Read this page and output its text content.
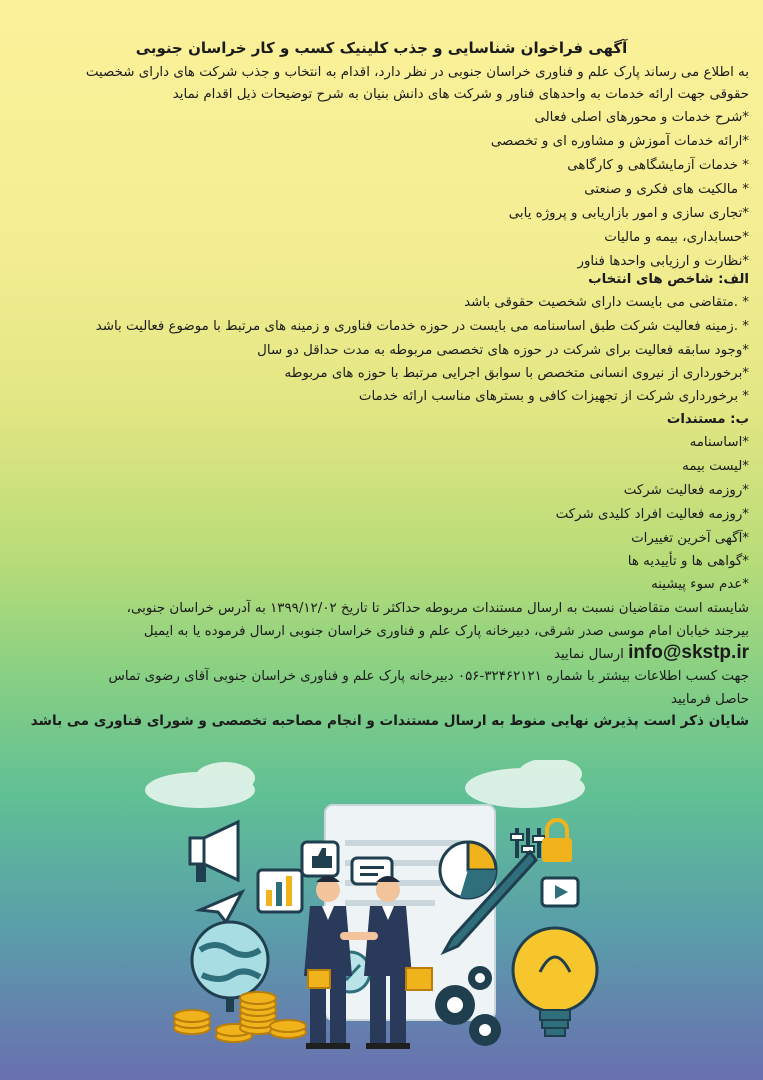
آگهی فراخوان شناسایی و جذب کلینیک کسب و کار خراسان جنوبی
به اطلاع می رساند پارک علم و فناوری خراسان جنوبی در نظر دارد، اقدام به انتخاب و جذب شرکت های دارای شخصیت
حقوقی جهت ارائه خدمات به واحدهای فناور و شرکت های دانش بنیان به شرح توضیحات ذیل اقدام نماید
*شرح خدمات و محورهای اصلی فعالی
*ارائه خدمات آموزش و مشاوره ای و تخصصی
* خدمات آزمایشگاهی و کارگاهی
* مالکیت های فکری و صنعتی
*تجاری سازی و امور بازاریابی و پروژه یابی
*حسابداری، بیمه و مالیات
*نظارت و ارزیابی واحدها فناور
الف: شاخص های انتخاب
* .متقاضی می بایست دارای شخصیت حقوقی باشد
* .زمینه فعالیت شرکت طبق اساسنامه می بایست در حوزه خدمات فناوری و زمینه های مرتبط با موضوع فعالیت باشد
*وجود سابقه فعالیت برای شرکت در حوزه های تخصصی مربوطه به مدت حداقل دو سال
*برخورداری از نیروی انسانی متخصص با سوابق اجرایی مرتبط با حوزه های مربوطه
* برخورداری شرکت از تجهیزات کافی و بسترهای مناسب ارائه خدمات
ب: مستندات
*اساسنامه
*لیست بیمه
*روزمه فعالیت شرکت
*روزمه فعالیت افراد کلیدی شرکت
*آگهی آخرین تغییرات
*گواهی ها و تأییدیه ها
*عدم سوء پیشینه
شایسته است متقاضیان نسبت به ارسال مستندات مربوطه حداکثر تا تاریخ ۱۳۹۹/۱۲/۰۲ به آدرس خراسان جنوبی،
بیرجند خیابان امام موسی صدر شرقی، دبیرخانه پارک علم و فناوری خراسان جنوبی ارسال فرموده یا به ایمیل
info@skstp.ir ارسال نمایید
جهت کسب اطلاعات بیشتر با شماره ۳۲۴۶۲۱۲۱-۰۵۶ دبیرخانه پارک علم و فناوری خراسان جنوبی آقای رضوی تماس
حاصل فرمایید
شایان ذکر است پذیرش نهایی منوط به ارسال مستندات و انجام مصاحبه تخصصی و شورای فناوری می باشد
